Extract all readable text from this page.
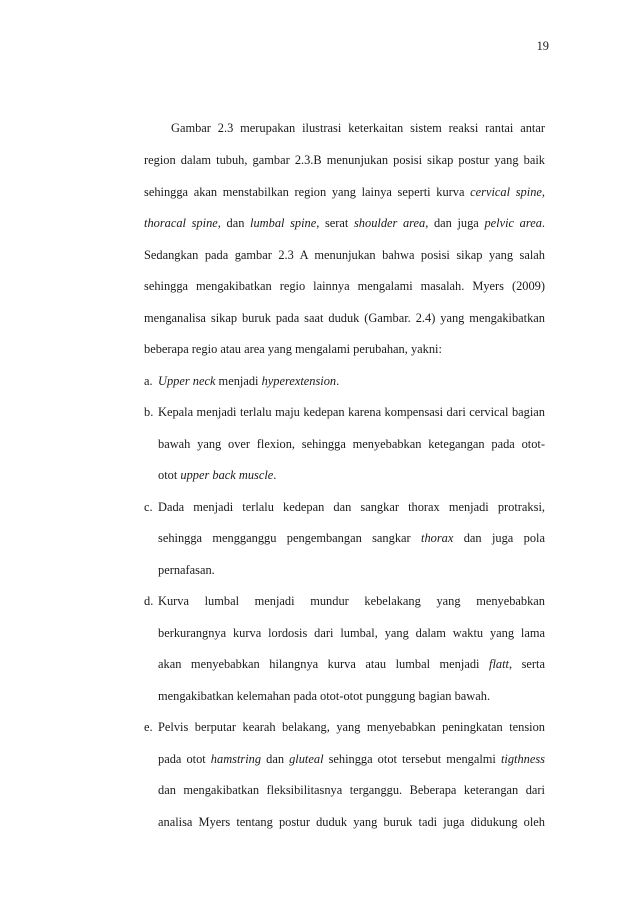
19
Gambar 2.3 merupakan ilustrasi keterkaitan sistem reaksi rantai antar
region dalam tubuh, gambar 2.3.B menunjukan posisi sikap postur yang baik
sehingga akan menstabilkan region yang lainya seperti kurva cervical spine,
thoracal spine, dan lumbal spine, serat shoulder area, dan juga pelvic area.
Sedangkan pada gambar 2.3 A menunjukan bahwa posisi sikap yang salah
sehingga mengakibatkan regio lainnya mengalami masalah. Myers (2009)
menganalisa sikap buruk pada saat duduk (Gambar. 2.4) yang mengakibatkan
beberapa regio atau area yang mengalami perubahan, yakni:
a. Upper neck menjadi hyperextension.
b. Kepala menjadi terlalu maju kedepan karena kompensasi dari cervical bagian
bawah yang over flexion, sehingga menyebabkan ketegangan pada otot-
otot upper back muscle.
c. Dada menjadi terlalu kedepan dan sangkar thorax menjadi protraksi,
sehingga mengganggu pengembangan sangkar thorax dan juga pola
pernafasan.
d. Kurva lumbal menjadi mundur kebelakang yang menyebabkan
berkurangnya kurva lordosis dari lumbal, yang dalam waktu yang lama
akan menyebabkan hilangnya kurva atau lumbal menjadi flatt, serta
mengakibatkan kelemahan pada otot-otot punggung bagian bawah.
e. Pelvis berputar kearah belakang, yang menyebabkan peningkatan tension
pada otot hamstring dan gluteal sehingga otot tersebut mengalmi tigthness
dan mengakibatkan fleksibilitasnya terganggu. Beberapa keterangan dari
analisa Myers tentang postur duduk yang buruk tadi juga didukung oleh
